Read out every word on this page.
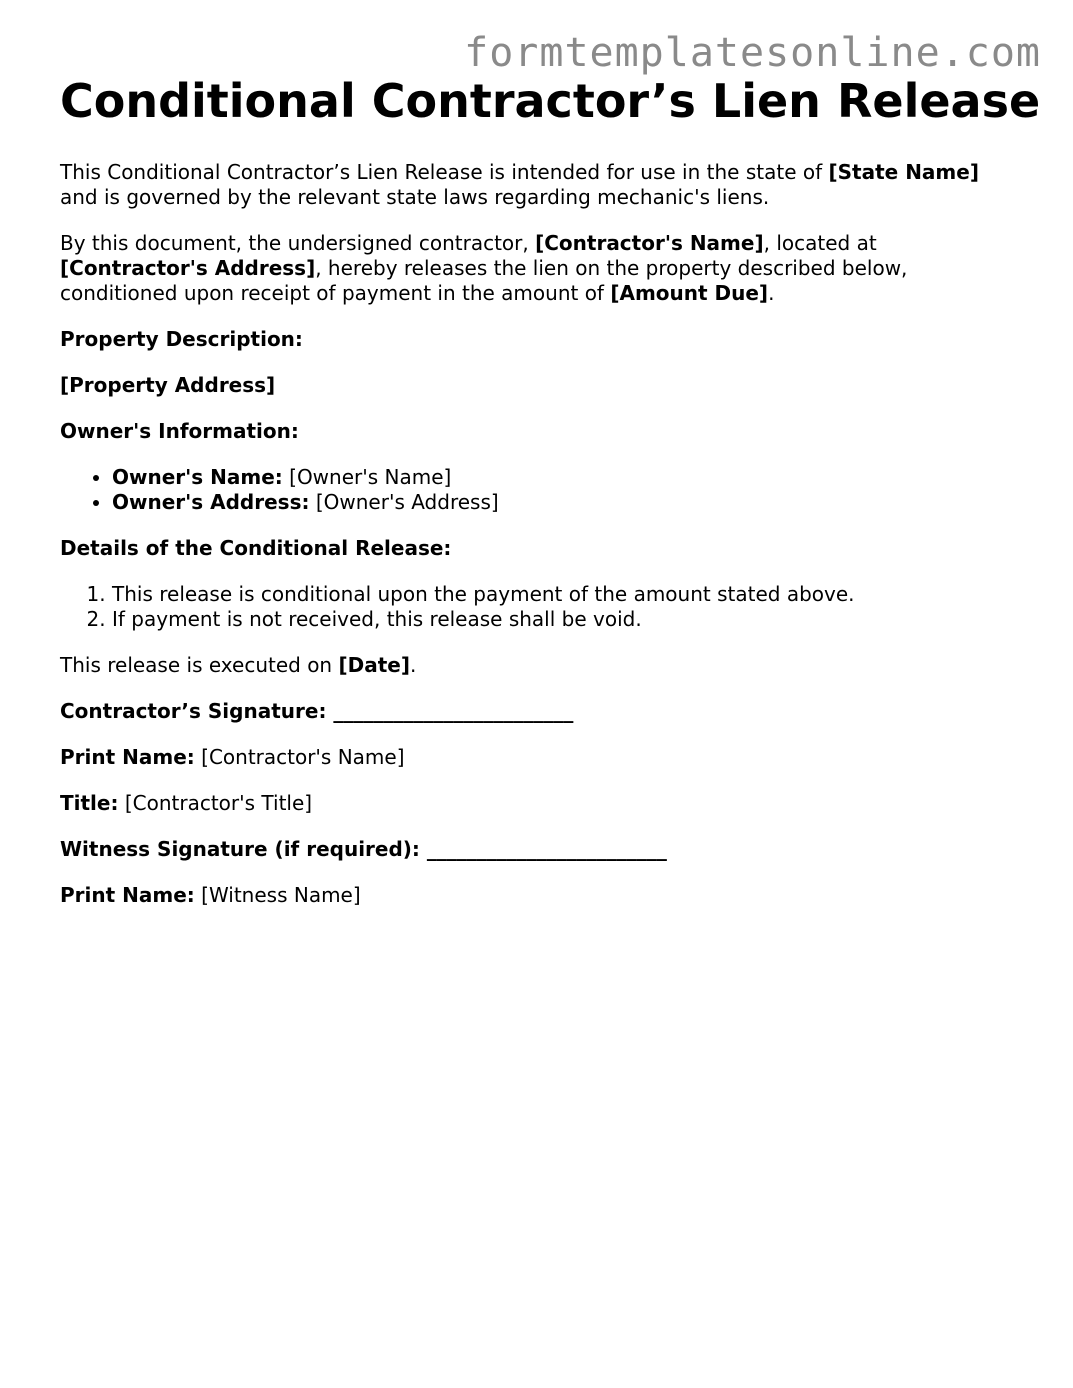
formtemplatesonline.com
Conditional Contractor’s Lien Release

This Conditional Contractor’s Lien Release is intended for use in the state of [State Name] and is governed by the relevant state laws regarding mechanic's liens.

By this document, the undersigned contractor, [Contractor's Name], located at [Contractor's Address], hereby releases the lien on the property described below, conditioned upon receipt of payment in the amount of [Amount Due].

Property Description:

[Property Address]

Owner's Information:

• Owner's Name: [Owner's Name]
• Owner's Address: [Owner's Address]

Details of the Conditional Release:

1. This release is conditional upon the payment of the amount stated above.
2. If payment is not received, this release shall be void.

This release is executed on [Date].

Contractor’s Signature: ________________________

Print Name: [Contractor's Name]

Title: [Contractor's Title]

Witness Signature (if required): ________________________

Print Name: [Witness Name]
